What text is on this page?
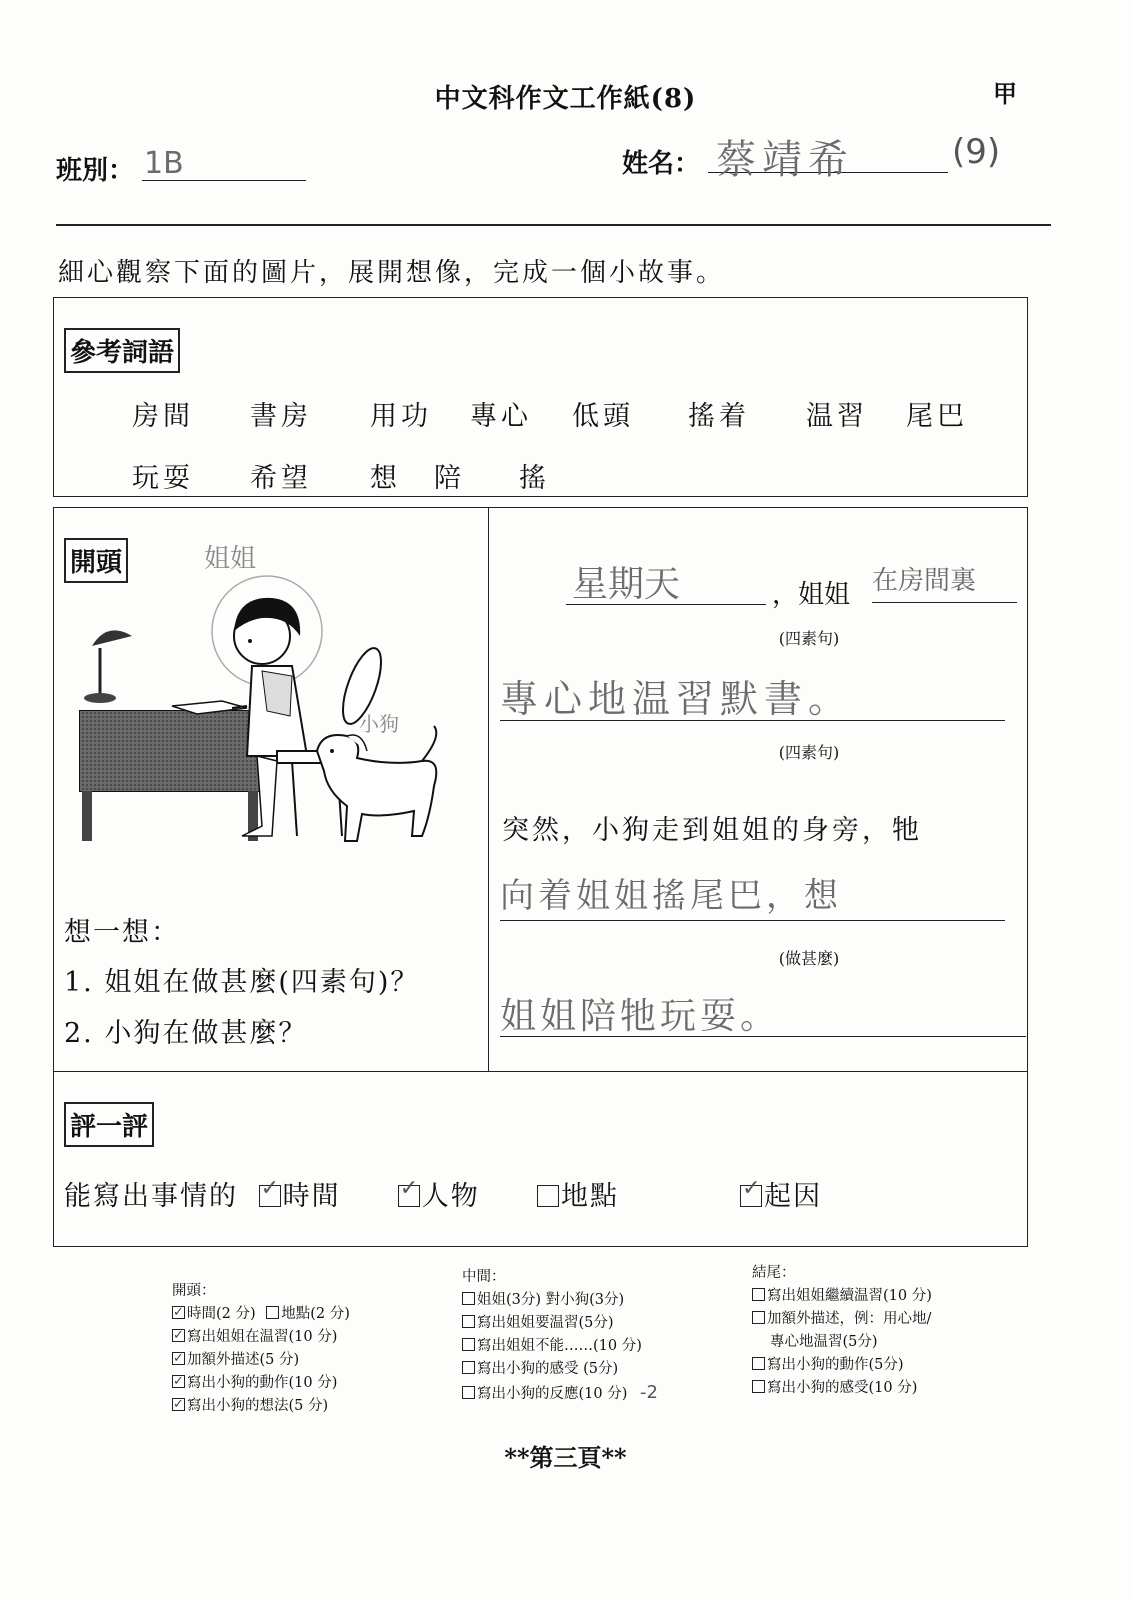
中文科作文工作紙(8)	甲
班別： 1B	姓名： 蔡靖希	(9)
細心觀察下面的圖片，展開想像，完成一個小故事。
參考詞語
房間 書房 用功 專心 低頭 搖着 温習 尾巴
玩耍 希望 想 陪 搖
開頭	姐姐
小狗
想一想：
1. 姐姐在做甚麼(四素句)？
2. 小狗在做甚麼？
星期天	，姐姐 在房間裏
(四素句)
專心地温習默書。
(四素句)
突然，小狗走到姐姐的身旁，牠
向着姐姐搖尾巴，想
(做甚麼)
姐姐陪牠玩耍。
評一評
能寫出事情的 ✓ 時間 ✓	人物	地點 ✓	起因
開頭：
✓時間(2 分) 地點(2 分)
✓寫出姐姐在温習(10 分)
✓加額外描述(5 分)
✓寫出小狗的動作(10 分)
✓寫出小狗的想法(5 分)
中間：
姐姐(3分) 對小狗(3分)
寫出姐姐要温習(5分)
寫出姐姐不能……(10 分)
寫出小狗的感受 (5分)
寫出小狗的反應(10 分) -2
結尾：
寫出姐姐繼續温習(10 分)
加額外描述，例：用心地/
專心地温習(5分)
寫出小狗的動作(5分)
寫出小狗的感受(10 分)
**第三頁**
